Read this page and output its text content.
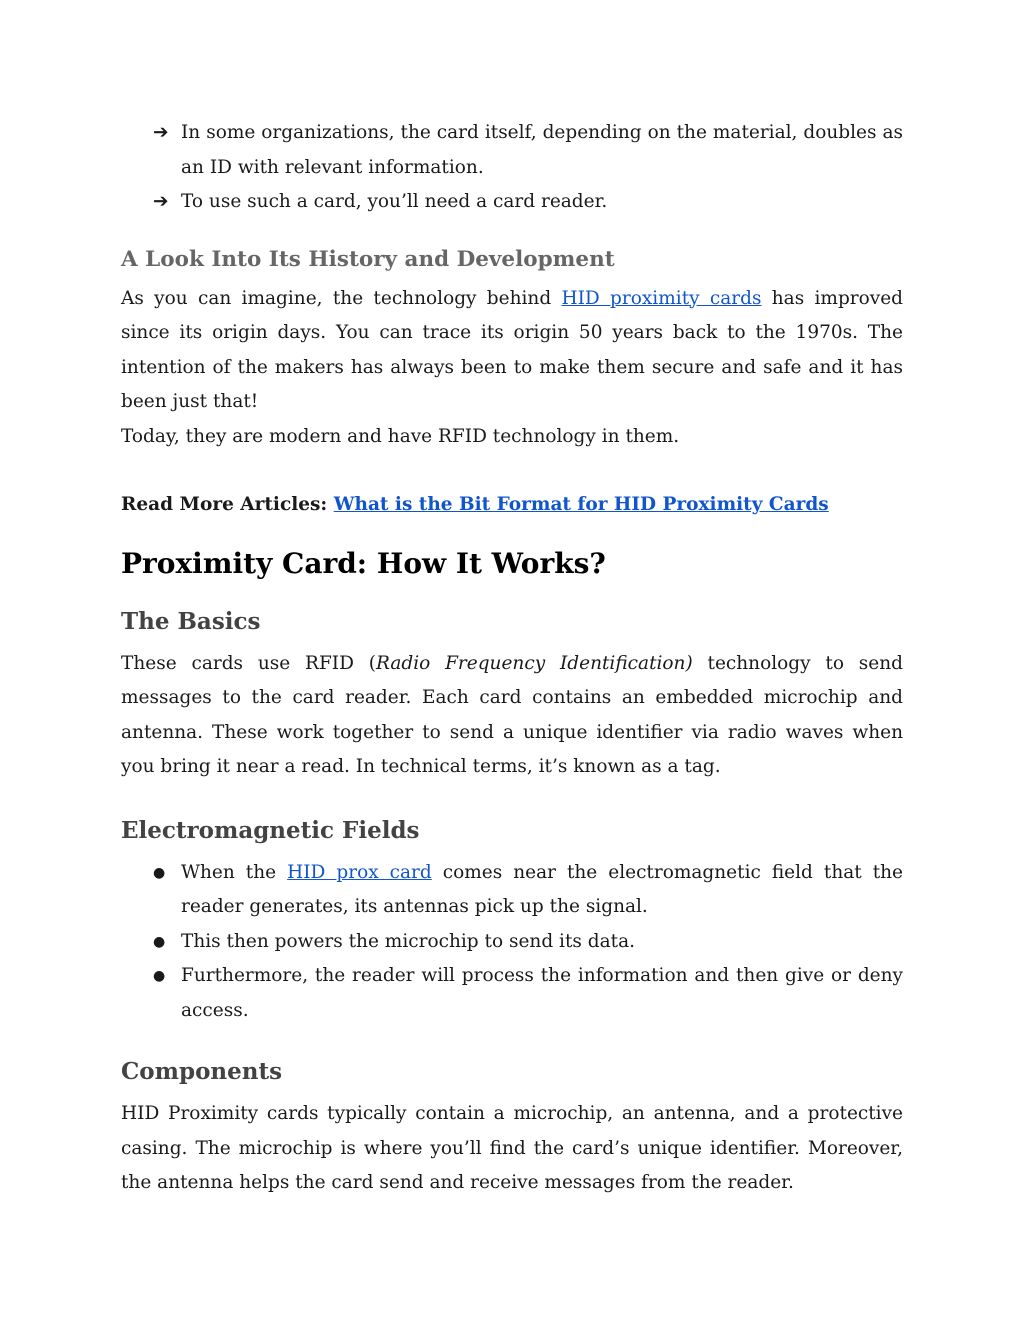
➔ In some organizations, the card itself, depending on the material, doubles as an ID with relevant information.
➔ To use such a card, you’ll need a card reader.
A Look Into Its History and Development

As you can imagine, the technology behind HID proximity cards has improved since its origin days. You can trace its origin 50 years back to the 1970s. The intention of the makers has always been to make them secure and safe and it has been just that!

Today, they are modern and have RFID technology in them.

Read More Articles: What is the Bit Format for HID Proximity Cards

Proximity Card: How It Works?
The Basics

These cards use RFID (Radio Frequency Identification) technology to send messages to the card reader. Each card contains an embedded microchip and antenna. These work together to send a unique identifier via radio waves when you bring it near a read. In technical terms, it’s known as a tag.

Electromagnetic Fields
● When the HID prox card comes near the electromagnetic field that the reader generates, its antennas pick up the signal.
● This then powers the microchip to send its data.
● Furthermore, the reader will process the information and then give or deny access.
Components

HID Proximity cards typically contain a microchip, an antenna, and a protective casing. The microchip is where you’ll find the card’s unique identifier. Moreover, the antenna helps the card send and receive messages from the reader.
